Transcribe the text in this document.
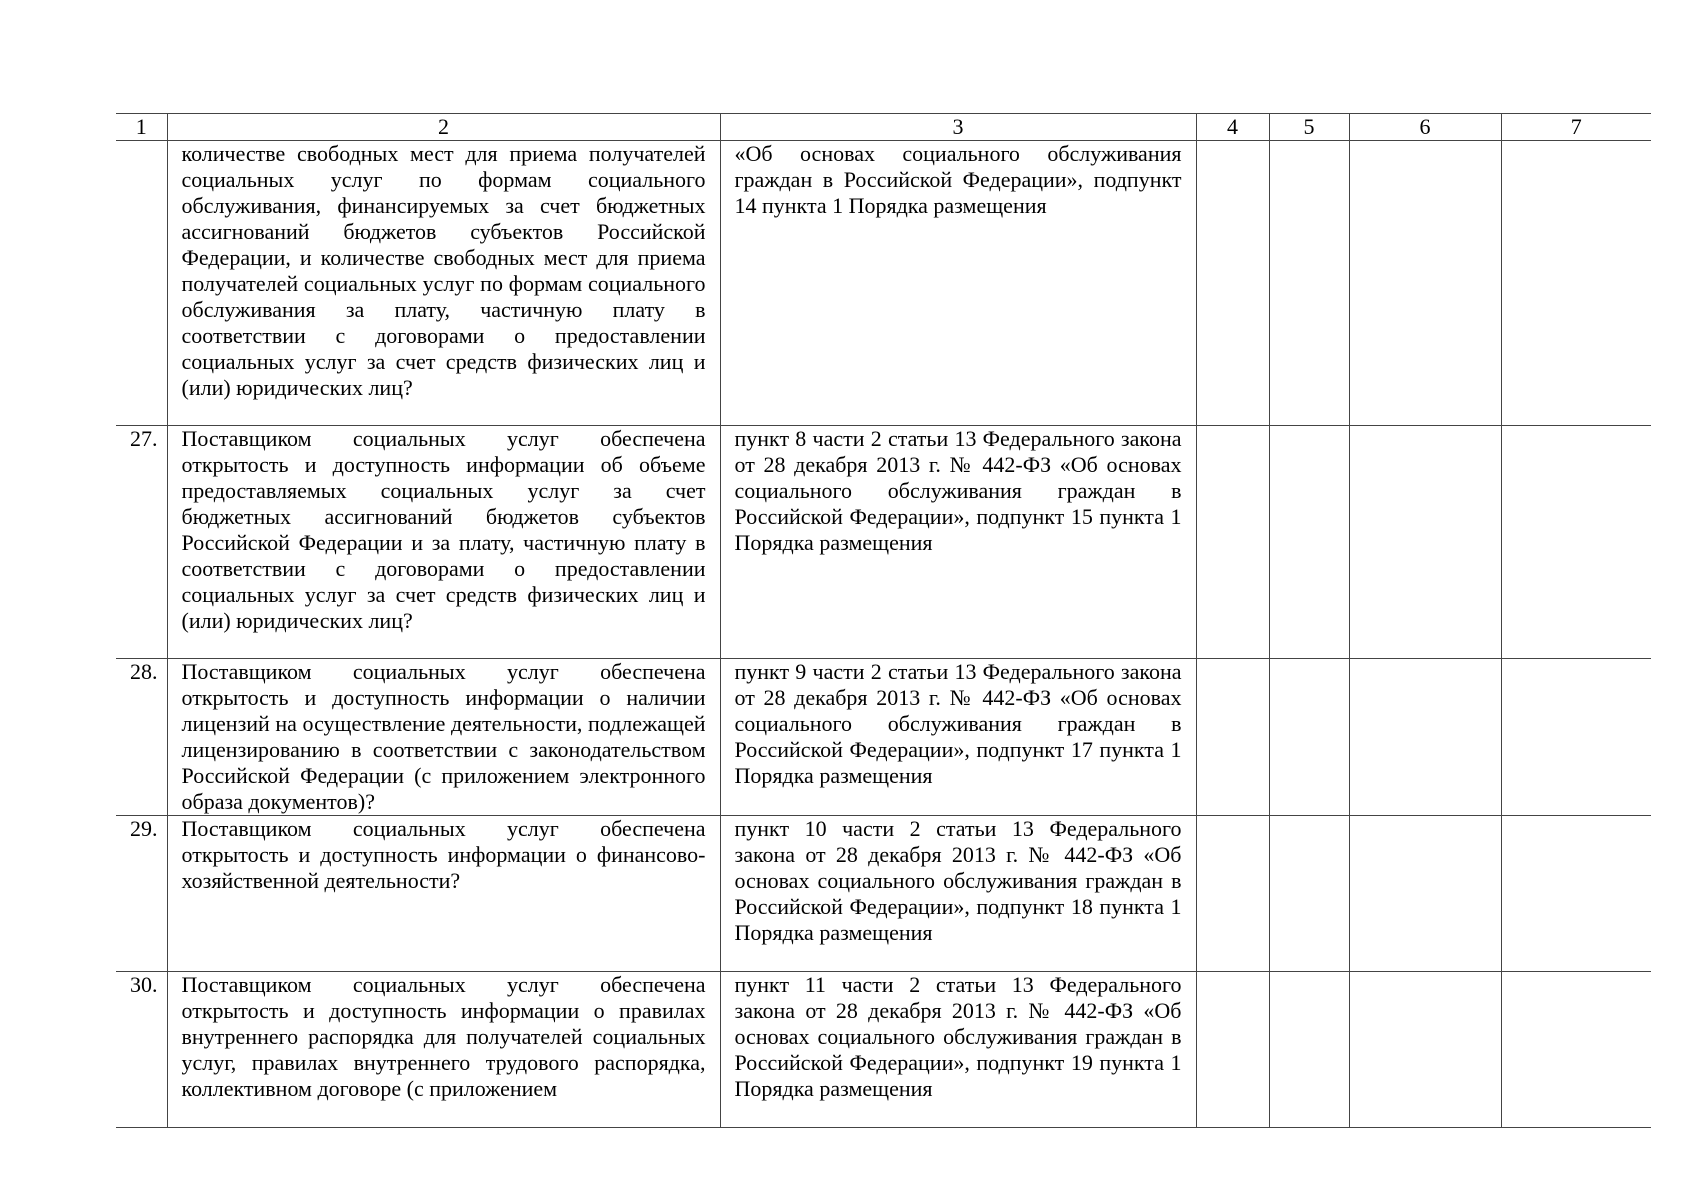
1	2	3	4	5	6	7
	количестве свободных мест для приема получателей социальных услуг по формам социального обслуживания, финансируемых за счет бюджетных ассигнований бюджетов субъектов Российской Федерации, и количестве свободных мест для приема получателей социальных услуг по формам социального обслуживания за плату, частичную плату в соответствии с договорами о предоставлении социальных услуг за счет средств физических лиц и (или) юридических лиц?	«Об основах социального обслуживания граждан в Российской Федерации», подпункт 14 пункта 1 Порядка размещения				
27.	Поставщиком социальных услуг обеспечена открытость и доступность информации об объеме предоставляемых социальных услуг за счет бюджетных ассигнований бюджетов субъектов Российской Федерации и за плату, частичную плату в соответствии с договорами о предоставлении социальных услуг за счет средств физических лиц и (или) юридических лиц?	пункт 8 части 2 статьи 13 Федерального закона от 28 декабря 2013 г. № 442-ФЗ «Об основах социального обслуживания граждан в Российской Федерации», подпункт 15 пункта 1 Порядка размещения				
28.	Поставщиком социальных услуг обеспечена открытость и доступность информации о наличии лицензий на осуществление деятельности, подлежащей лицензированию в соответствии с законодательством Российской Федерации (с приложением электронного образа документов)?	пункт 9 части 2 статьи 13 Федерального закона от 28 декабря 2013 г. № 442-ФЗ «Об основах социального обслуживания граждан в Российской Федерации», подпункт 17 пункта 1 Порядка размещения				
29.	Поставщиком социальных услуг обеспечена открытость и доступность информации о финансово-хозяйственной деятельности?	пункт 10 части 2 статьи 13 Федерального закона от 28 декабря 2013 г. № 442-ФЗ «Об основах социального обслуживания граждан в Российской Федерации», подпункт 18 пункта 1 Порядка размещения				
30.	Поставщиком социальных услуг обеспечена открытость и доступность информации о правилах внутреннего распорядка для получателей социальных услуг, правилах внутреннего трудового распорядка, коллективном договоре (с приложением	пункт 11 части 2 статьи 13 Федерального закона от 28 декабря 2013 г. № 442-ФЗ «Об основах социального обслуживания граждан в Российской Федерации», подпункт 19 пункта 1 Порядка размещения				
